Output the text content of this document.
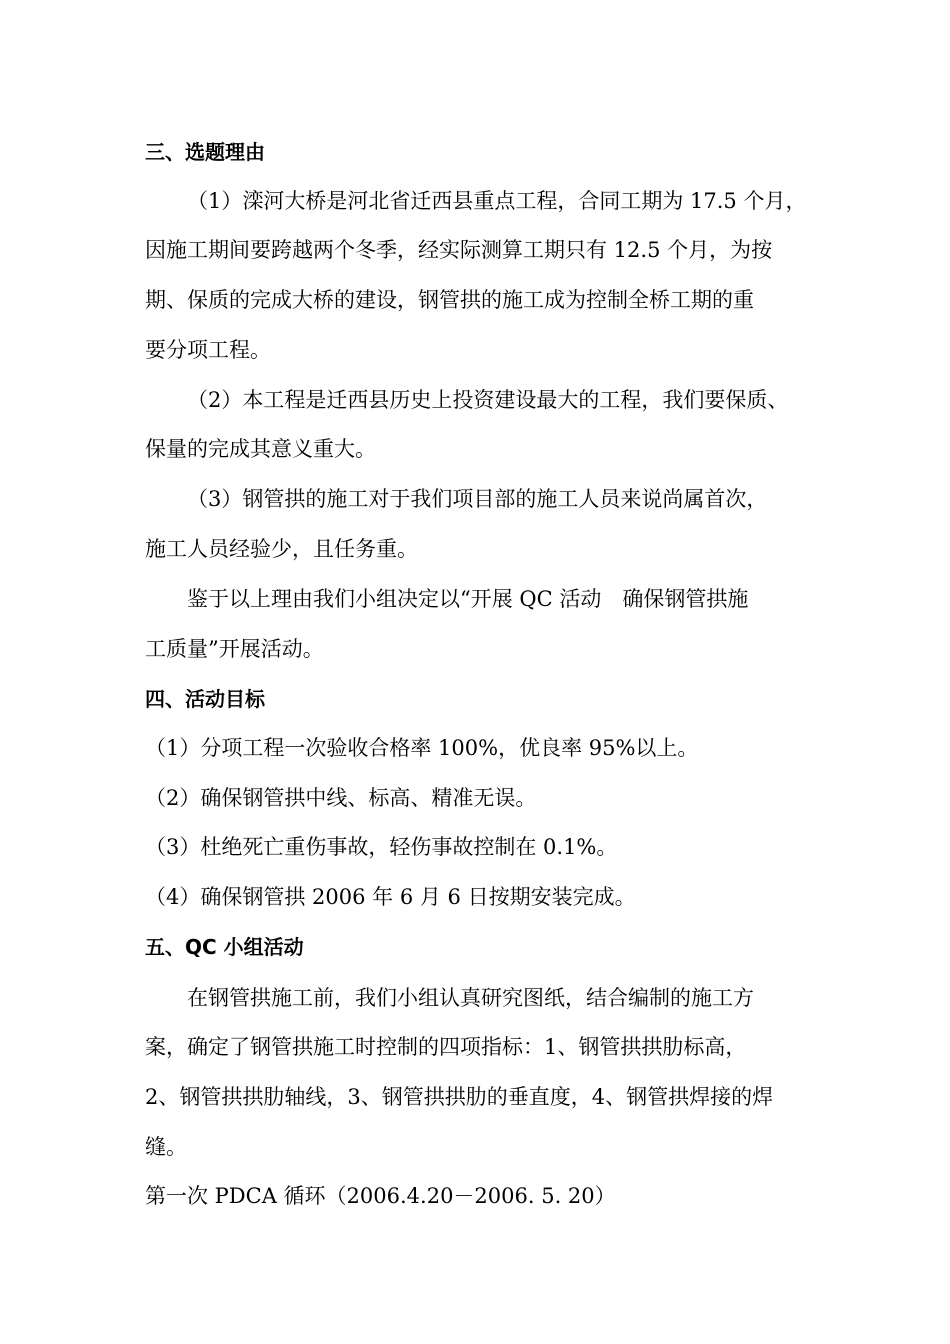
三、选题理由
（1）滦河大桥是河北省迁西县重点工程，合同工期为 17.5 个月，
因施工期间要跨越两个冬季，经实际测算工期只有 12.5 个月，为按
期、保质的完成大桥的建设，钢管拱的施工成为控制全桥工期的重
要分项工程。
（2）本工程是迁西县历史上投资建设最大的工程，我们要保质、
保量的完成其意义重大。
（3）钢管拱的施工对于我们项目部的施工人员来说尚属首次，
施工人员经验少，且任务重。
鉴于以上理由我们小组决定以“开展 QC 活动　确保钢管拱施
工质量”开展活动。
四、活动目标
（1）分项工程一次验收合格率 100%，优良率 95%以上。
（2）确保钢管拱中线、标高、精准无误。
（3）杜绝死亡重伤事故，轻伤事故控制在 0.1%。
（4）确保钢管拱 2006 年 6 月 6 日按期安装完成。
五、QC 小组活动
在钢管拱施工前，我们小组认真研究图纸，结合编制的施工方
案，确定了钢管拱施工时控制的四项指标：1、钢管拱拱肋标高，
2、钢管拱拱肋轴线，3、钢管拱拱肋的垂直度，4、钢管拱焊接的焊
缝。
第一次 PDCA 循环（2006.4.20－2006. 5. 20）
